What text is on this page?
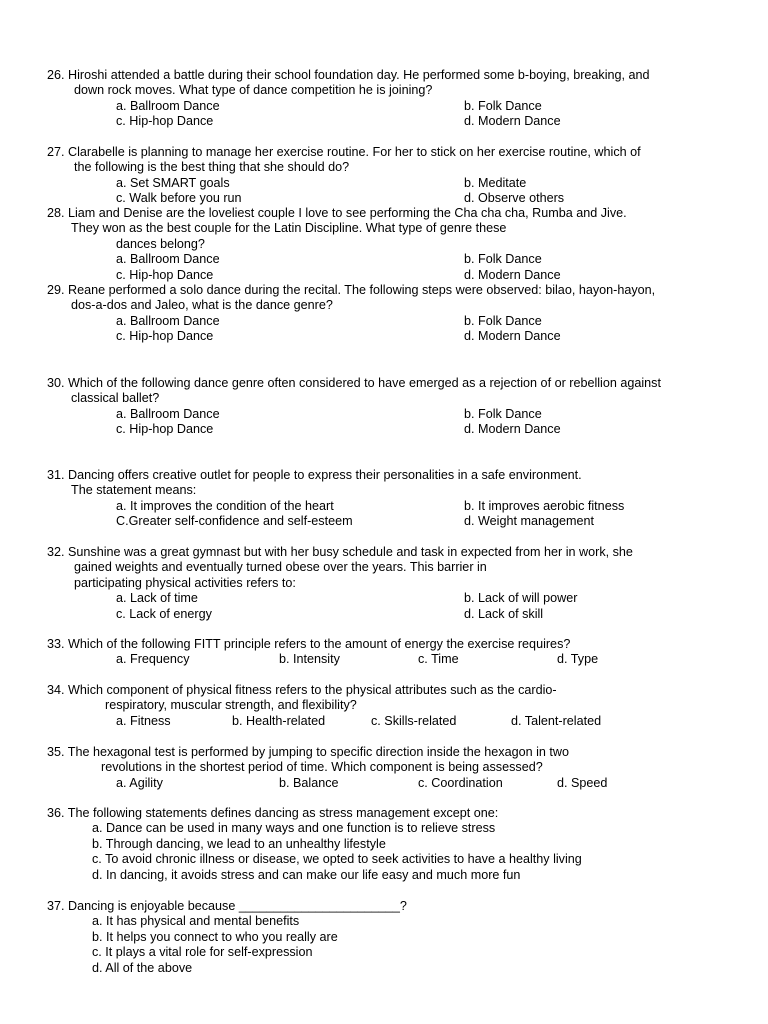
26. Hiroshi attended a battle during their school foundation day. He performed some b-boying, breaking, and
down rock moves. What type of dance competition he is joining?
a. Ballroom Dance	b. Folk Dance
c. Hip-hop Dance	d. Modern Dance
27. Clarabelle is planning to manage her exercise routine. For her to stick on her exercise routine, which of
the following is the best thing that she should do?
a. Set SMART goals	b. Meditate
c. Walk before you run	d. Observe others
28. Liam and Denise are the loveliest couple I love to see performing the Cha cha cha, Rumba and Jive.
They won as the best couple for the Latin Discipline. What type of genre these
dances belong?
a. Ballroom Dance	b. Folk Dance
c. Hip-hop Dance	d. Modern Dance
29. Reane performed a solo dance during the recital. The following steps were observed: bilao, hayon-hayon,
dos-a-dos and Jaleo, what is the dance genre?
a. Ballroom Dance	b. Folk Dance
c. Hip-hop Dance	d. Modern Dance
30. Which of the following dance genre often considered to have emerged as a rejection of or rebellion against
classical ballet?
a. Ballroom Dance	b. Folk Dance
c. Hip-hop Dance	d. Modern Dance
31. Dancing offers creative outlet for people to express their personalities in a safe environment.
The statement means:
a. It improves the condition of the heart	b. It improves aerobic fitness
C.Greater self-confidence and self-esteem	d. Weight management
32. Sunshine was a great gymnast but with her busy schedule and task in expected from her in work, she
gained weights and eventually turned obese over the years. This barrier in
participating physical activities refers to:
a. Lack of time	b. Lack of will power
c. Lack of energy	d. Lack of skill
33. Which of the following FITT principle refers to the amount of energy the exercise requires?
a. Frequency	b. Intensity	c. Time	d. Type
34. Which component of physical fitness refers to the physical attributes such as the cardio-
respiratory, muscular strength, and flexibility?
a. Fitness	b. Health-related	c. Skills-related	d. Talent-related
35. The hexagonal test is performed by jumping to specific direction inside the hexagon in two
revolutions in the shortest period of time. Which component is being assessed?
a. Agility	b. Balance	c. Coordination	d. Speed
36. The following statements defines dancing as stress management except one:
a. Dance can be used in many ways and one function is to relieve stress
b. Through dancing, we lead to an unhealthy lifestyle
c. To avoid chronic illness or disease, we opted to seek activities to have a healthy living
d. In dancing, it avoids stress and can make our life easy and much more fun
37. Dancing is enjoyable because _______________________?
a. It has physical and mental benefits
b. It helps you connect to who you really are
c. It plays a vital role for self-expression
d. All of the above
